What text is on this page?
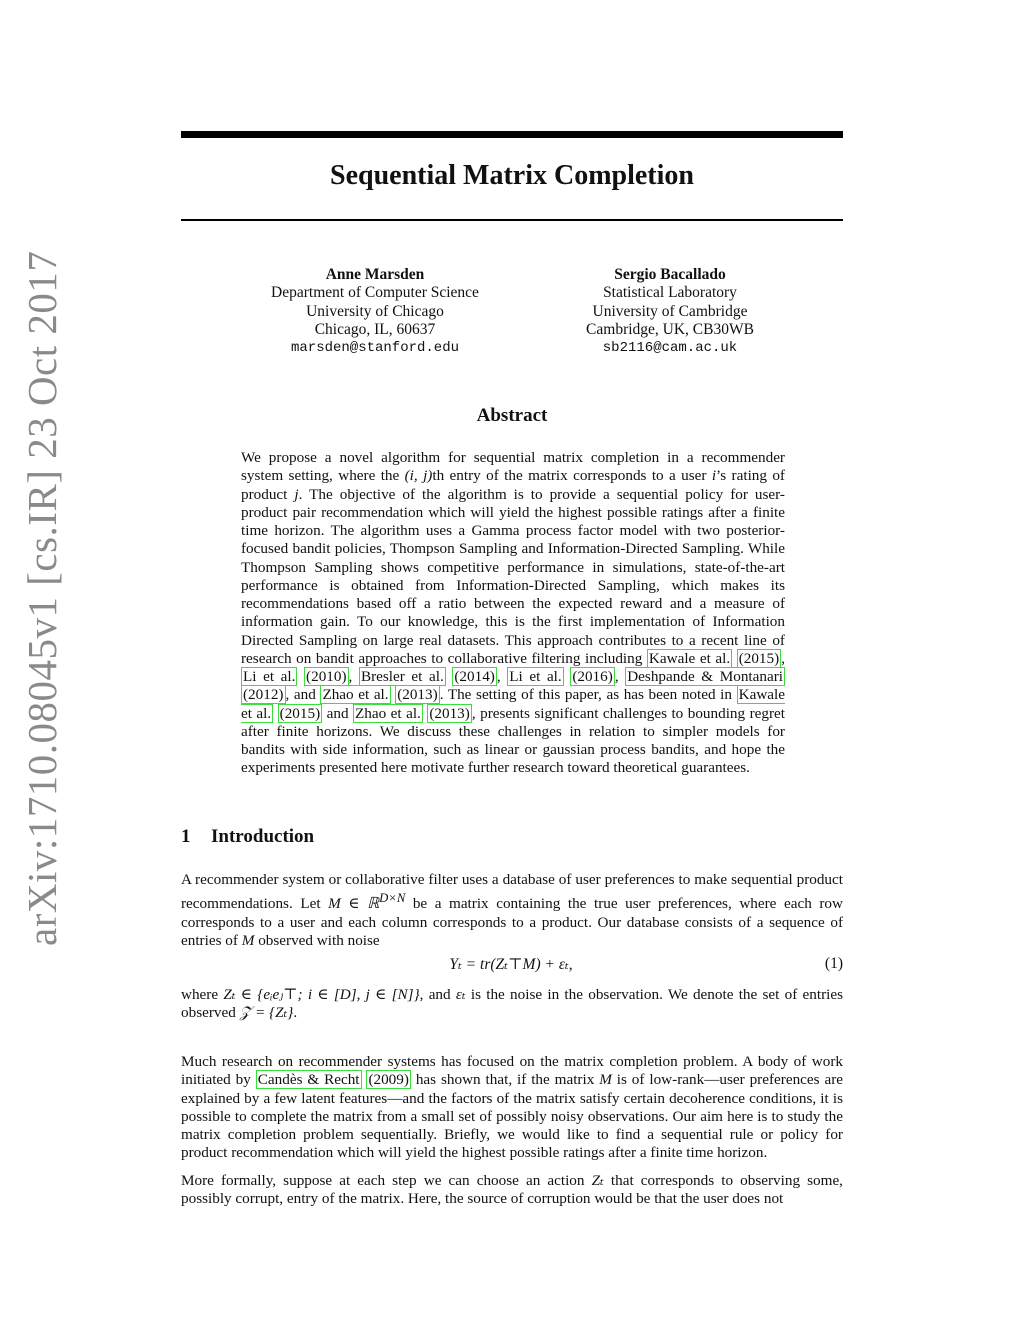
arXiv:1710.08045v1 [cs.IR] 23 Oct 2017
Sequential Matrix Completion
Anne Marsden
Department of Computer Science
University of Chicago
Chicago, IL, 60637
marsden@stanford.edu
Sergio Bacallado
Statistical Laboratory
University of Cambridge
Cambridge, UK, CB30WB
sb2116@cam.ac.uk
Abstract

We propose a novel algorithm for sequential matrix completion in a recommender system setting, where the (i, j)th entry of the matrix corresponds to a user i’s rating of product j. The objective of the algorithm is to provide a sequential policy for user-product pair recommendation which will yield the highest possible ratings after a finite time horizon. The algorithm uses a Gamma process factor model with two posterior-focused bandit policies, Thompson Sampling and Information-Directed Sampling. While Thompson Sampling shows competitive performance in simulations, state-of-the-art performance is obtained from Information-Directed Sampling, which makes its recommendations based off a ratio between the expected reward and a measure of information gain. To our knowledge, this is the first implementation of Information Directed Sampling on large real datasets. This approach contributes to a recent line of research on bandit approaches to collaborative filtering including Kawale et al. (2015) , Li et al. (2010) , Bresler et al. (2014) , Li et al. (2016) , Deshpande & Montanari (2012) , and Zhao et al. (2013) . The setting of this paper, as has been noted in Kawale et al. (2015) and Zhao et al. (2013) , presents significant challenges to bounding regret after finite horizons. We discuss these challenges in relation to simpler models for bandits with side information, such as linear or gaussian process bandits, and hope the experiments presented here motivate further research toward theoretical guarantees.

1 Introduction

A recommender system or collaborative filter uses a database of user preferences to make sequential product recommendations. Let M ∈ ℝ$^{D\times N}$ be a matrix containing the true user preferences, where each row corresponds to a user and each column corresponds to a product. Our database consists of a sequence of entries of M observed with noise

Yₜ = tr(Zₜ⊤M) + εₜ,	(1)

where Zₜ ∈ {eᵢeⱼ⊤; i ∈ [D], j ∈ [N]}, and εₜ is the noise in the observation. We denote the set of entries observed 𝒵 = {Zₜ}.

Much research on recommender systems has focused on the matrix completion problem. A body of work initiated by Candès & Recht (2009) has shown that, if the matrix M is of low-rank—user preferences are explained by a few latent features—and the factors of the matrix satisfy certain decoherence conditions, it is possible to complete the matrix from a small set of possibly noisy observations. Our aim here is to study the matrix completion problem sequentially. Briefly, we would like to find a sequential rule or policy for product recommendation which will yield the highest possible ratings after a finite time horizon.

More formally, suppose at each step we can choose an action Zₜ that corresponds to observing some, possibly corrupt, entry of the matrix. Here, the source of corruption would be that the user does not
